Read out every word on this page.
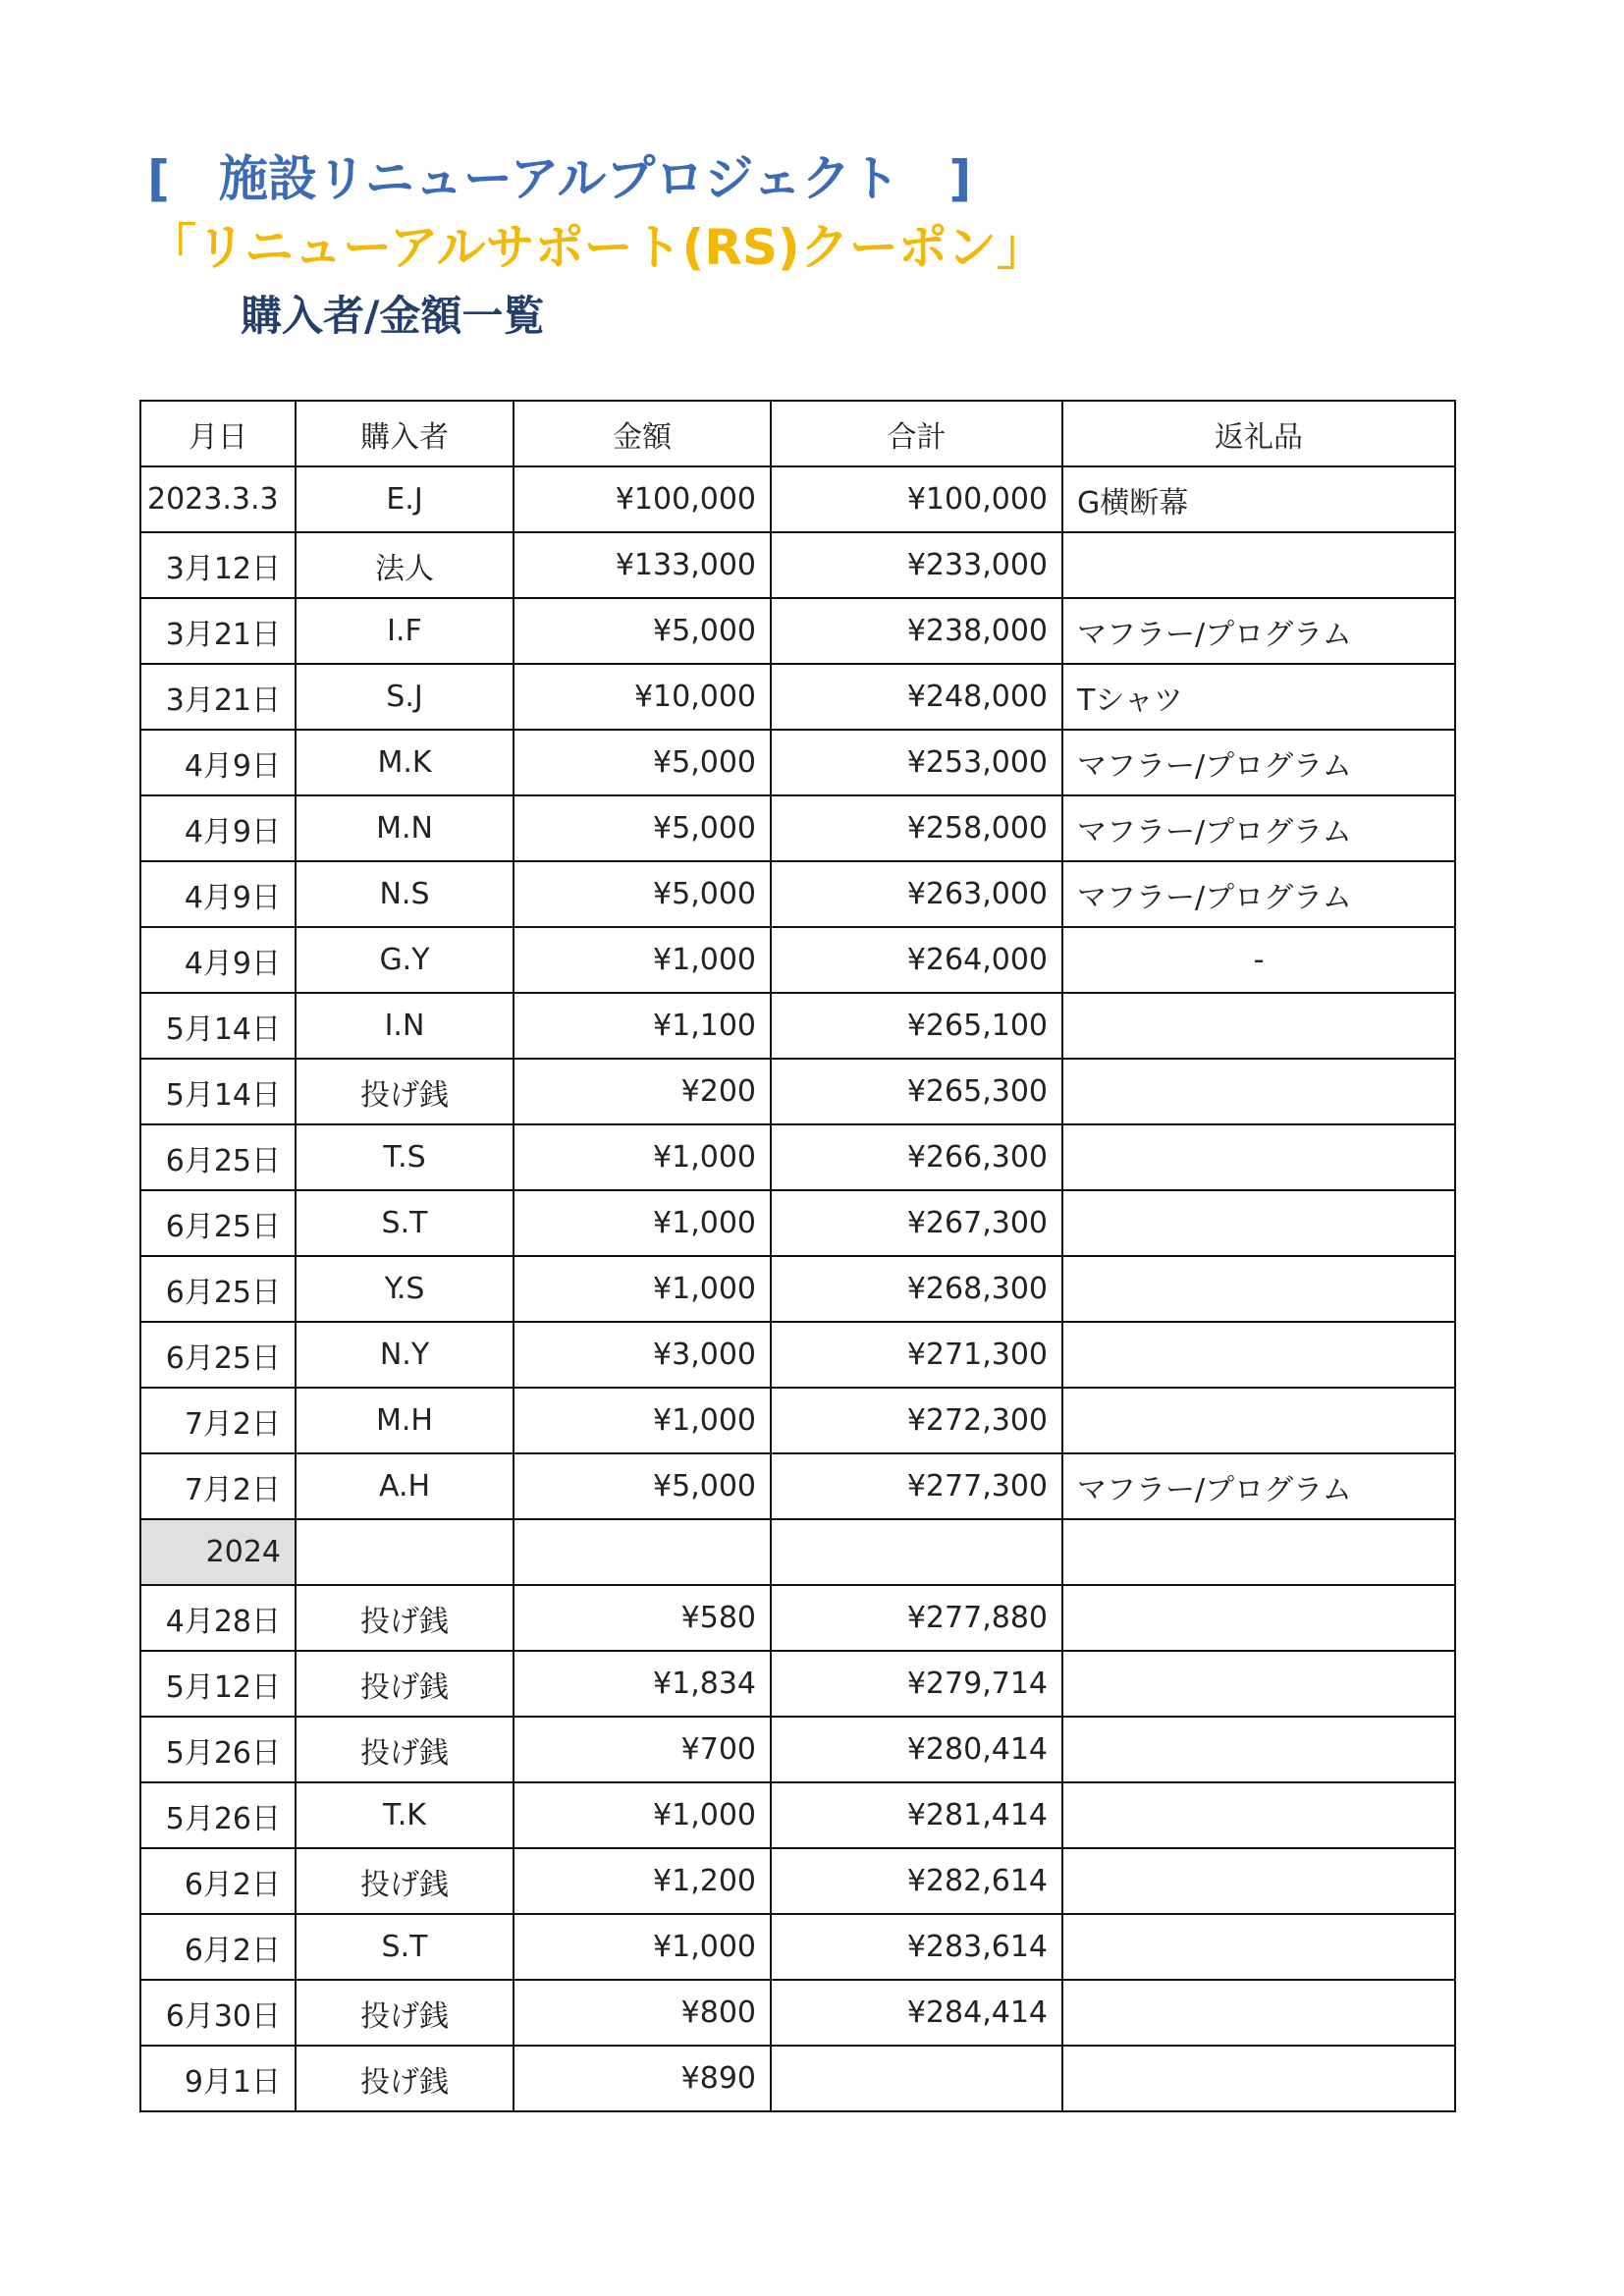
[　施設リニューアルプロジェクト　]
「リニューアルサポート(RS)クーポン」
購入者/金額一覧
月日	購入者	金額	合計	返礼品
2023.3.3	E.J	¥100,000	¥100,000	G横断幕
3月12日	法人	¥133,000	¥233,000	
3月21日	I.F	¥5,000	¥238,000	マフラー/プログラム
3月21日	S.J	¥10,000	¥248,000	Tシャツ
4月9日	M.K	¥5,000	¥253,000	マフラー/プログラム
4月9日	M.N	¥5,000	¥258,000	マフラー/プログラム
4月9日	N.S	¥5,000	¥263,000	マフラー/プログラム
4月9日	G.Y	¥1,000	¥264,000	-
5月14日	I.N	¥1,100	¥265,100	
5月14日	投げ銭	¥200	¥265,300	
6月25日	T.S	¥1,000	¥266,300	
6月25日	S.T	¥1,000	¥267,300	
6月25日	Y.S	¥1,000	¥268,300	
6月25日	N.Y	¥3,000	¥271,300	
7月2日	M.H	¥1,000	¥272,300	
7月2日	A.H	¥5,000	¥277,300	マフラー/プログラム
2024				
4月28日	投げ銭	¥580	¥277,880	
5月12日	投げ銭	¥1,834	¥279,714	
5月26日	投げ銭	¥700	¥280,414	
5月26日	T.K	¥1,000	¥281,414	
6月2日	投げ銭	¥1,200	¥282,614	
6月2日	S.T	¥1,000	¥283,614	
6月30日	投げ銭	¥800	¥284,414	
9月1日	投げ銭	¥890		
